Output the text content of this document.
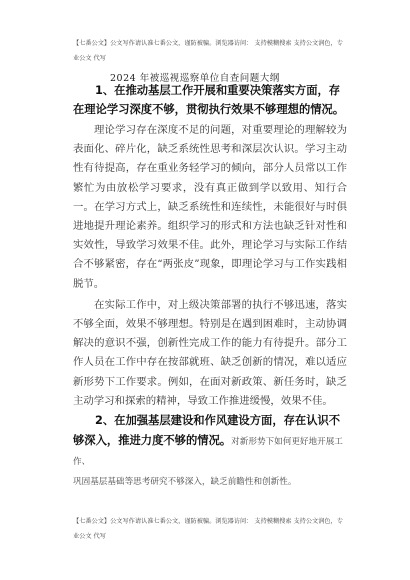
【七番公文】公文写作请认准七番公文，谨防被骗。浏览器访问： 支持模糊搜索 支持公文润色，专业公文 代写
2024 年被巡视巡察单位自查问题大纲

1、在推动基层工作开展和重要决策落实方面，存在理论学习深度不够，贯彻执行效果不够理想的情况。

理论学习存在深度不足的问题，对重要理论的理解较为表面化、碎片化，缺乏系统性思考和深层次认识。学习主动性有待提高，存在重业务轻学习的倾向，部分人员常以工作繁忙为由放松学习要求，没有真正做到学以致用、知行合一。在学习方式上，缺乏系统性和连续性，未能很好与时俱进地提升理论素养。组织学习的形式和方法也缺乏针对性和实效性，导致学习效果不佳。此外，理论学习与实际工作结合不够紧密，存在“两张皮”现象，即理论学习与工作实践相脱节。

在实际工作中，对上级决策部署的执行不够迅速，落实不够全面，效果不够理想。特别是在遇到困难时，主动协调解决的意识不强，创新性完成工作的能力有待提升。部分工作人员在工作中存在按部就班、缺乏创新的情况，难以适应新形势下工作要求。例如，在面对新政策、新任务时，缺乏主动学习和探索的精神，导致工作推进缓慢，效果不佳。

2、在加强基层建设和作风建设方面，存在认识不够深入，推进力度不够的情况。对新形势下如何更好地开展工作、
巩固基层基础等思考研究不够深入，缺乏前瞻性和创新性。

【七番公文】公文写作请认准七番公文，谨防被骗。浏览器访问： 支持模糊搜索 支持公文润色，专业公文 代写
